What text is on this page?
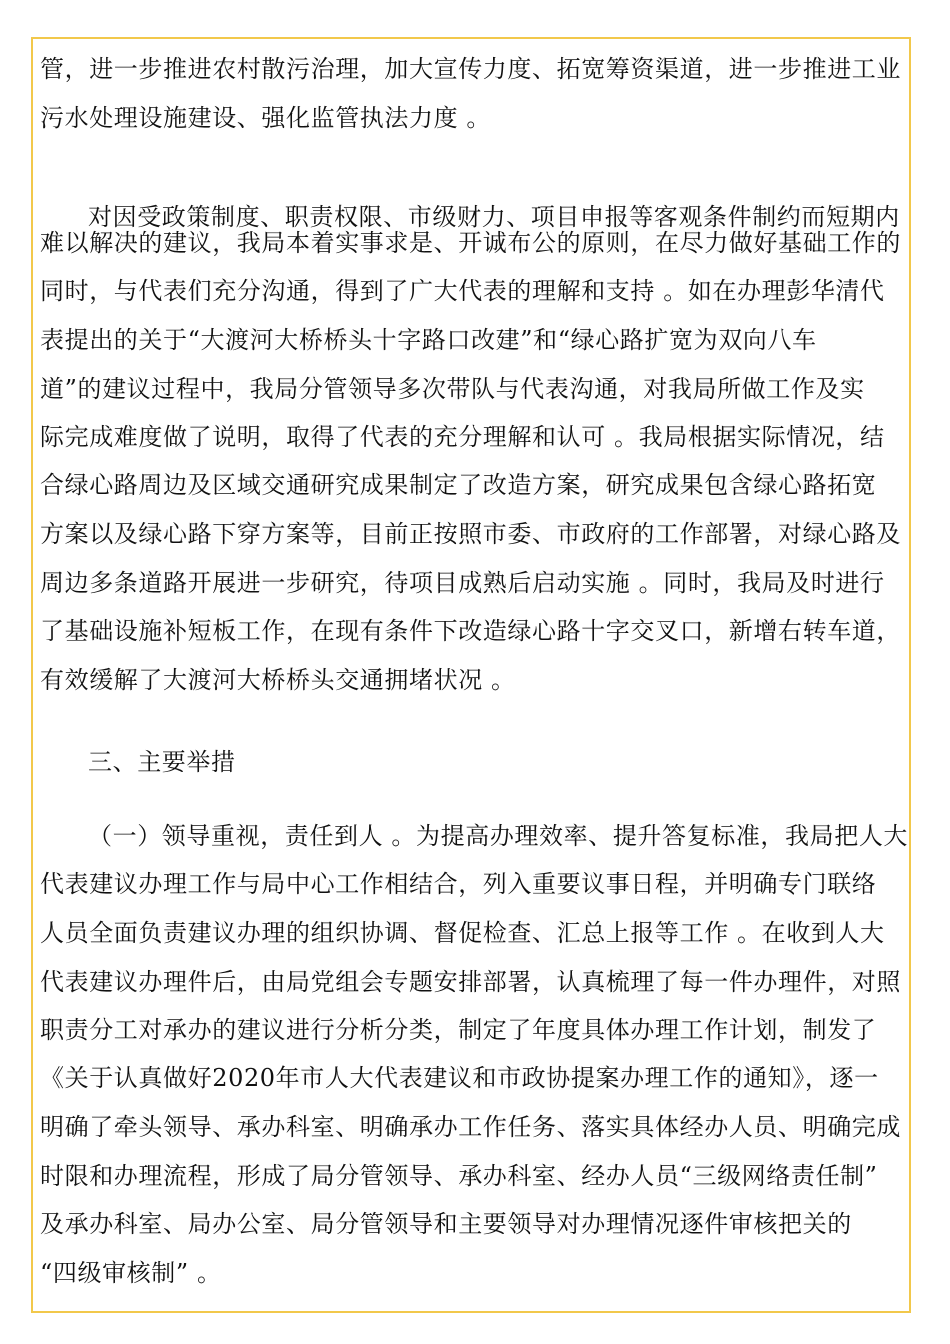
管，进一步推进农村散污治理，加大宣传力度、拓宽筹资渠道，进一步推进工业
污水处理设施建设、强化监管执法力度 。
对因受政策制度、职责权限、市级财力、项目申报等客观条件制约而短期内
难以解决的建议，我局本着实事求是、开诚布公的原则，在尽力做好基础工作的
同时，与代表们充分沟通，得到了广大代表的理解和支持 。如在办理彭华清代
表提出的关于“大渡河大桥桥头十字路口改建”和“绿心路扩宽为双向八车
道”的建议过程中，我局分管领导多次带队与代表沟通，对我局所做工作及实
际完成难度做了说明，取得了代表的充分理解和认可 。我局根据实际情况，结
合绿心路周边及区域交通研究成果制定了改造方案，研究成果包含绿心路拓宽
方案以及绿心路下穿方案等，目前正按照市委、市政府的工作部署，对绿心路及
周边多条道路开展进一步研究，待项目成熟后启动实施 。同时，我局及时进行
了基础设施补短板工作，在现有条件下改造绿心路十字交叉口，新增右转车道，
有效缓解了大渡河大桥桥头交通拥堵状况 。
三、主要举措
（一）领导重视，责任到人 。为提高办理效率、提升答复标准，我局把人大
代表建议办理工作与局中心工作相结合，列入重要议事日程，并明确专门联络
人员全面负责建议办理的组织协调、督促检查、汇总上报等工作 。在收到人大
代表建议办理件后，由局党组会专题安排部署，认真梳理了每一件办理件，对照
职责分工对承办的建议进行分析分类，制定了年度具体办理工作计划，制发了
《关于认真做好2020年市人大代表建议和市政协提案办理工作的通知》，逐一
明确了牵头领导、承办科室、明确承办工作任务、落实具体经办人员、明确完成
时限和办理流程，形成了局分管领导、承办科室、经办人员“三级网络责任制”
及承办科室、局办公室、局分管领导和主要领导对办理情况逐件审核把关的
“四级审核制” 。
